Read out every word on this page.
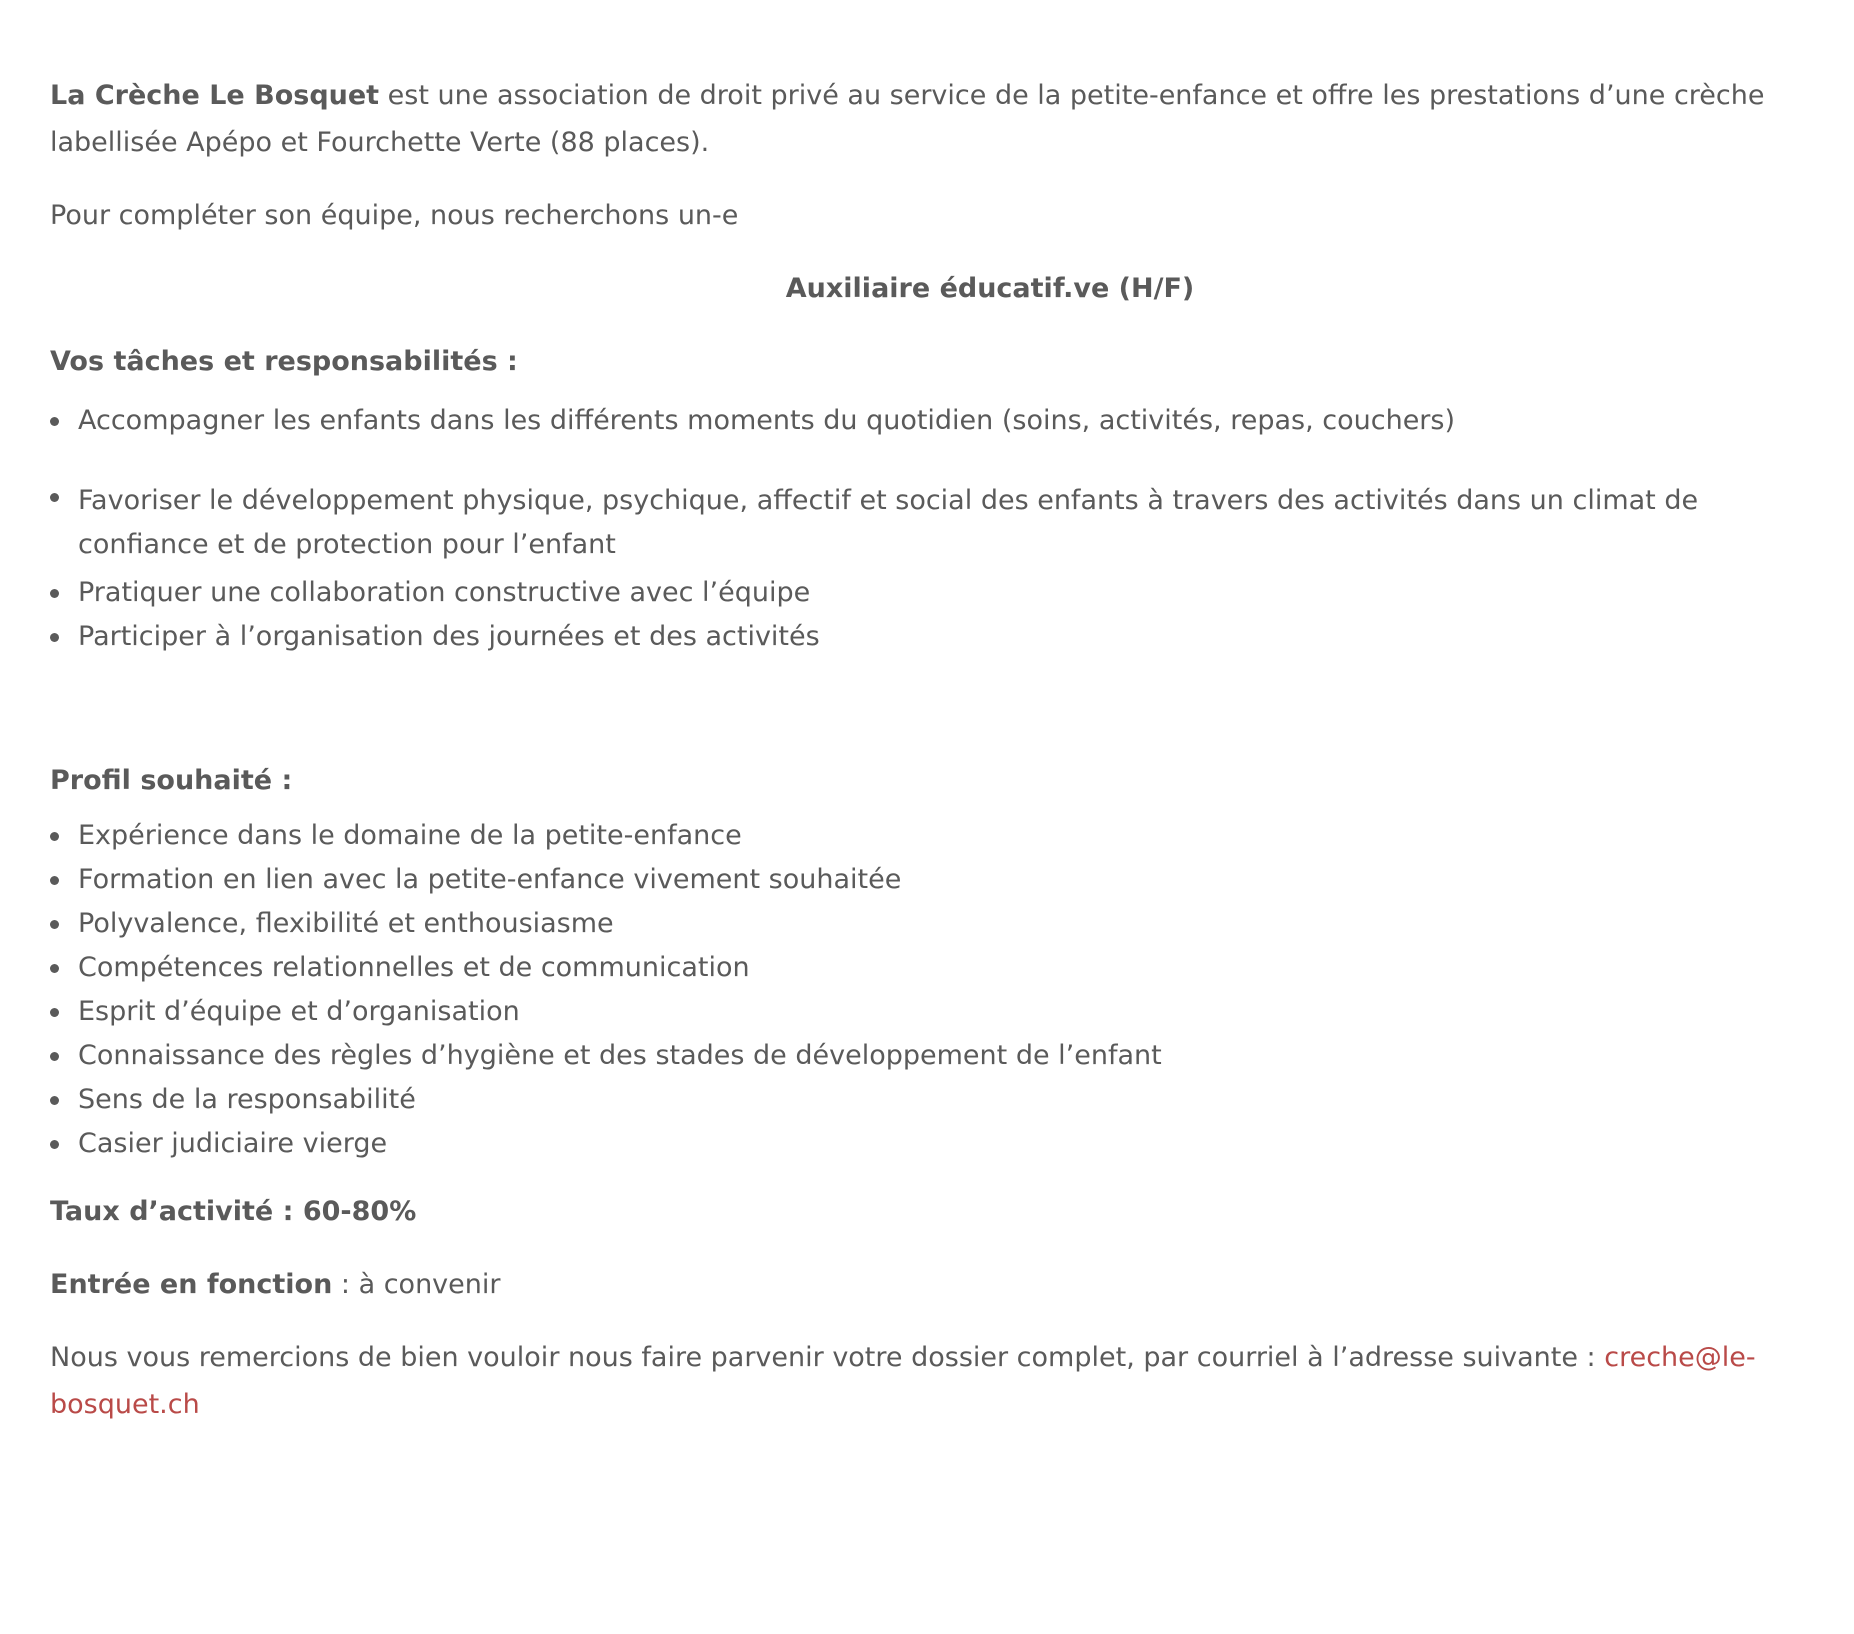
La Crèche Le Bosquet est une association de droit privé au service de la petite-enfance et offre les prestations d’une crèche labellisée Apépo et Fourchette Verte (88 places).

Pour compléter son équipe, nous recherchons un-e

Auxiliaire éducatif.ve (H/F)

Vos tâches et responsabilités :

Accompagner les enfants dans les différents moments du quotidien (soins, activités, repas, couchers)
Favoriser le développement physique, psychique, affectif et social des enfants à travers des activités dans un climat de confiance et de protection pour l’enfant
Pratiquer une collaboration constructive avec l’équipe
Participer à l’organisation des journées et des activités

Profil souhaité :

Expérience dans le domaine de la petite-enfance
Formation en lien avec la petite-enfance vivement souhaitée
Polyvalence, flexibilité et enthousiasme
Compétences relationnelles et de communication
Esprit d’équipe et d’organisation
Connaissance des règles d’hygiène et des stades de développement de l’enfant
Sens de la responsabilité
Casier judiciaire vierge

Taux d’activité : 60-80%

Entrée en fonction : à convenir

Nous vous remercions de bien vouloir nous faire parvenir votre dossier complet, par courriel à l’adresse suivante : creche@le-bosquet.ch
